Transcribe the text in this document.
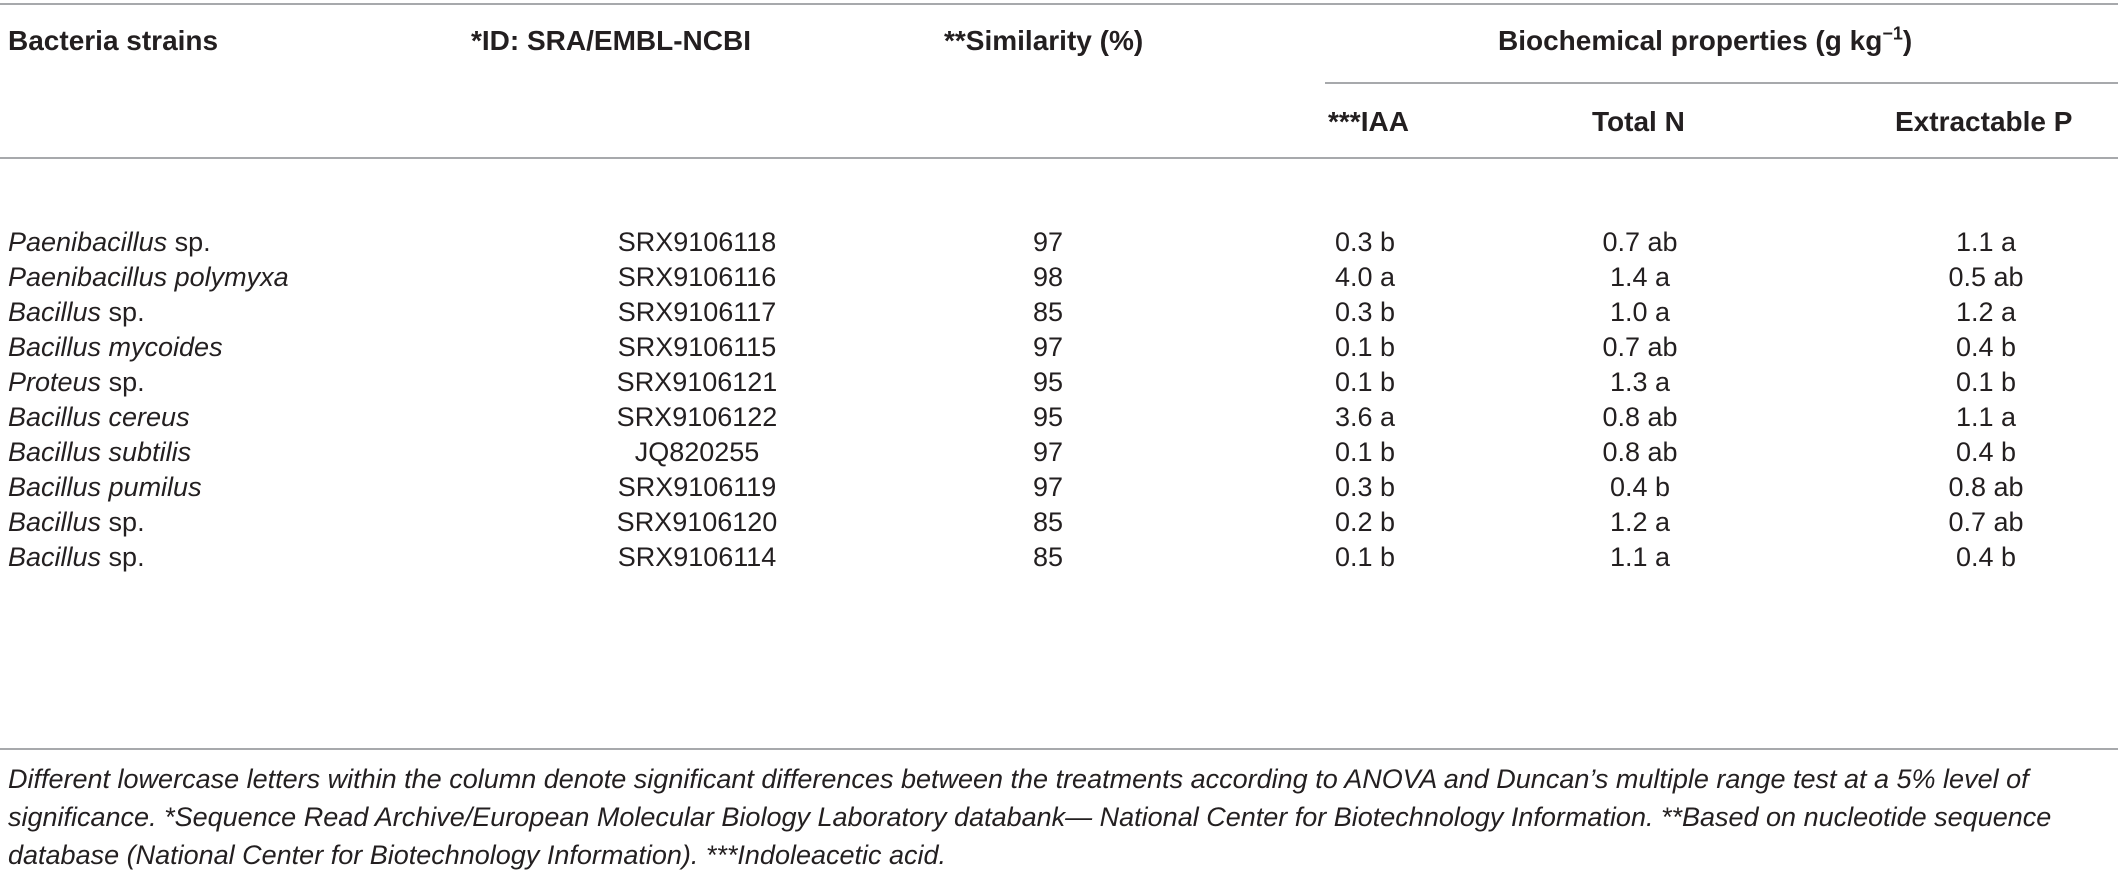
Bacteria strains	*ID: SRA/EMBL-NCBI	**Similarity (%)	Biochemical properties (g $kg^{-1}$)
***IAA	Total N	Extractable P
Paenibacillus sp.	SRX9106118	97	0.3 b	0.7 ab	1.1 a
Paenibacillus polymyxa	SRX9106116	98	4.0 a	1.4 a	0.5 ab
Bacillus sp.	SRX9106117	85	0.3 b	1.0 a	1.2 a
Bacillus mycoides	SRX9106115	97	0.1 b	0.7 ab	0.4 b
Proteus sp.	SRX9106121	95	0.1 b	1.3 a	0.1 b
Bacillus cereus	SRX9106122	95	3.6 a	0.8 ab	1.1 a
Bacillus subtilis	JQ820255	97	0.1 b	0.8 ab	0.4 b
Bacillus pumilus	SRX9106119	97	0.3 b	0.4 b	0.8 ab
Bacillus sp.	SRX9106120	85	0.2 b	1.2 a	0.7 ab
Bacillus sp.	SRX9106114	85	0.1 b	1.1 a	0.4 b
Different lowercase letters within the column denote significant differences between the treatments according to ANOVA and Duncan’s multiple range test at a 5% level of significance. *Sequence Read Archive/European Molecular Biology Laboratory databank— National Center for Biotechnology Information. **Based on nucleotide sequence database (National Center for Biotechnology Information). ***Indoleacetic acid.
